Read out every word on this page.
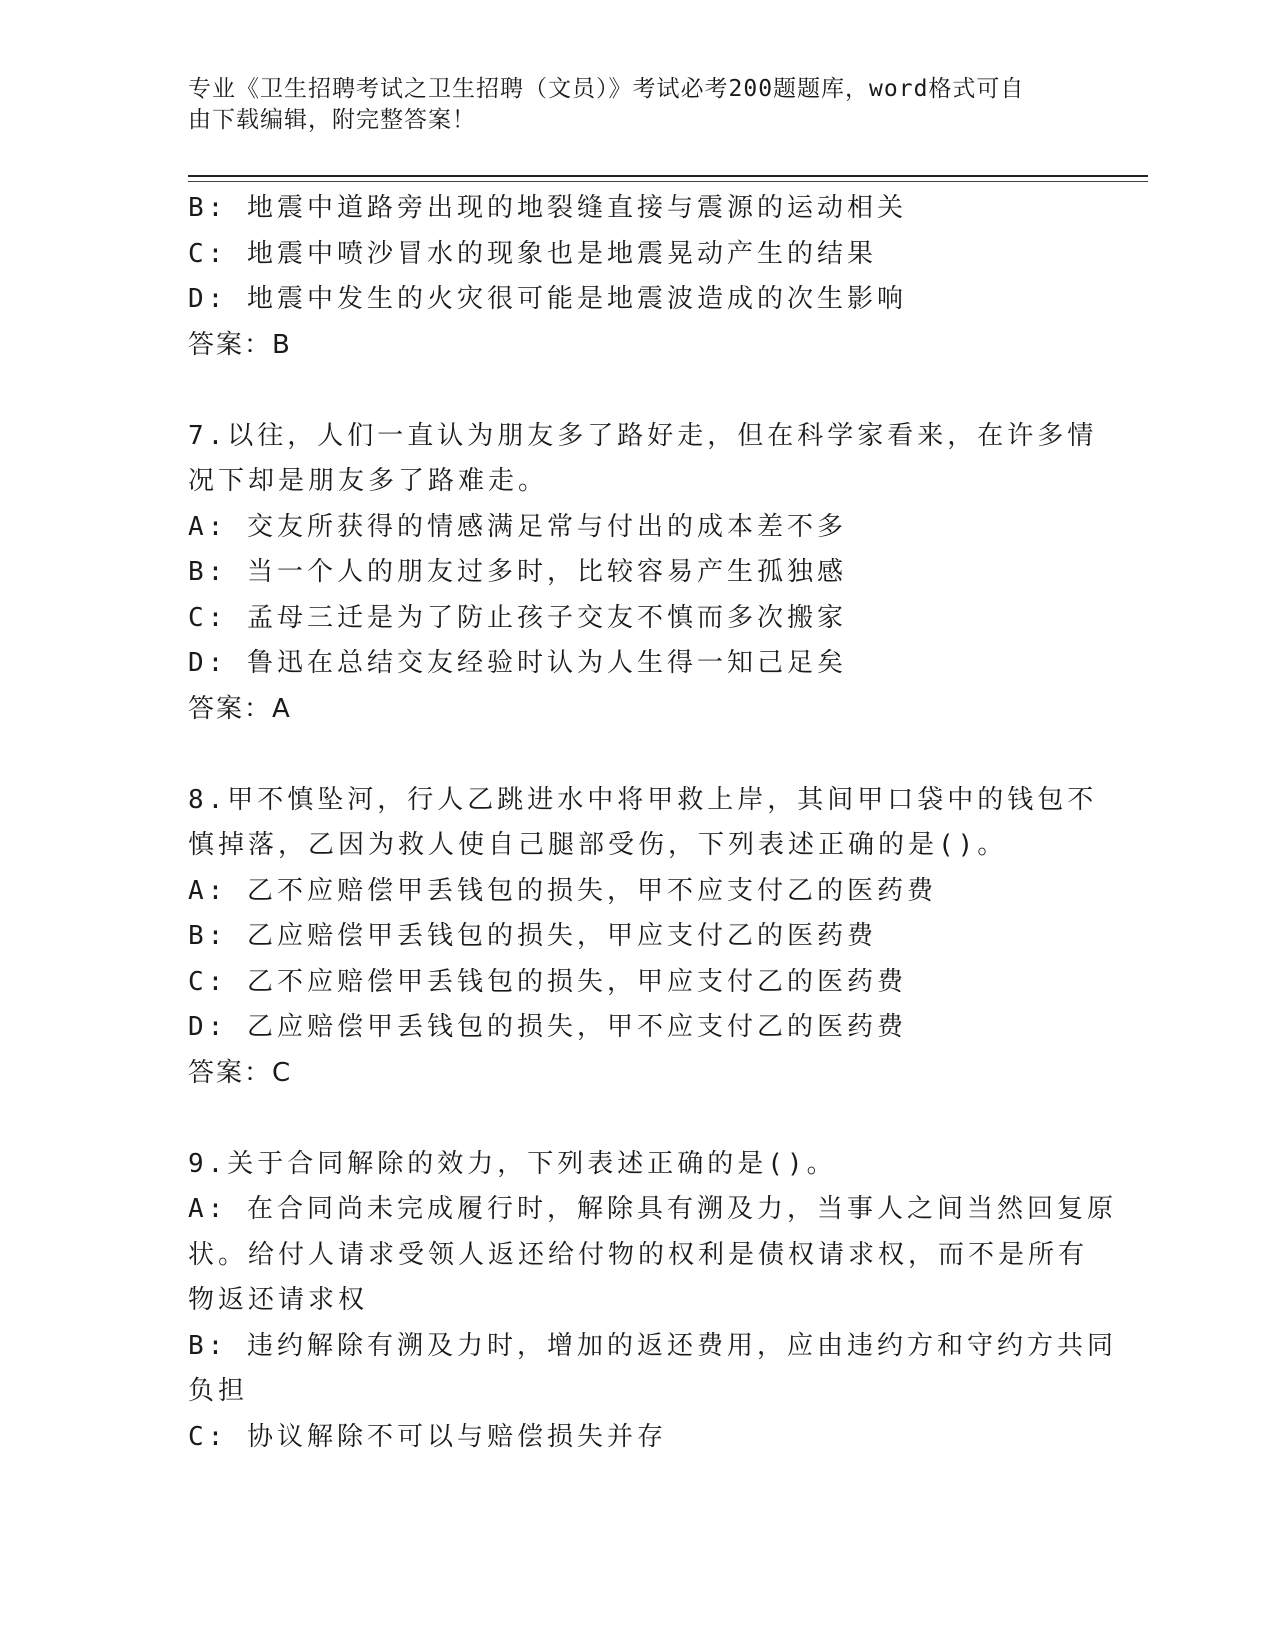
专业《卫生招聘考试之卫生招聘（文员）》考试必考200题题库，word格式可自
由下载编辑，附完整答案！
B: 地震中道路旁出现的地裂缝直接与震源的运动相关
C: 地震中喷沙冒水的现象也是地震晃动产生的结果
D: 地震中发生的火灾很可能是地震波造成的次生影响
答案：B
7.以往，人们一直认为朋友多了路好走，但在科学家看来，在许多情
况下却是朋友多了路难走。
A: 交友所获得的情感满足常与付出的成本差不多
B: 当一个人的朋友过多时，比较容易产生孤独感
C: 孟母三迁是为了防止孩子交友不慎而多次搬家
D: 鲁迅在总结交友经验时认为人生得一知己足矣
答案：A
8.甲不慎坠河，行人乙跳进水中将甲救上岸，其间甲口袋中的钱包不
慎掉落，乙因为救人使自己腿部受伤，下列表述正确的是()。
A: 乙不应赔偿甲丢钱包的损失，甲不应支付乙的医药费
B: 乙应赔偿甲丢钱包的损失，甲应支付乙的医药费
C: 乙不应赔偿甲丢钱包的损失，甲应支付乙的医药费
D: 乙应赔偿甲丢钱包的损失，甲不应支付乙的医药费
答案：C
9.关于合同解除的效力，下列表述正确的是()。
A: 在合同尚未完成履行时，解除具有溯及力，当事人之间当然回复原
状。给付人请求受领人返还给付物的权利是债权请求权，而不是所有
物返还请求权
B: 违约解除有溯及力时，增加的返还费用，应由违约方和守约方共同
负担
C: 协议解除不可以与赔偿损失并存
